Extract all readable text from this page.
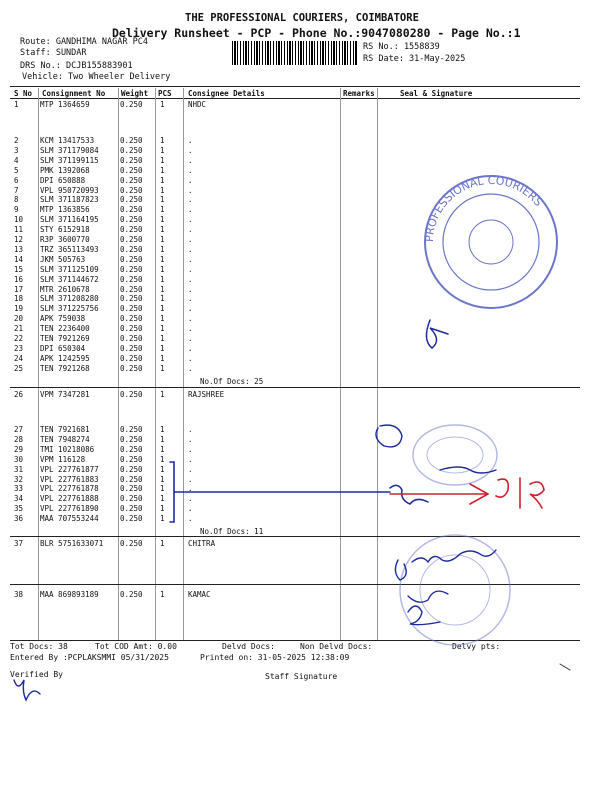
THE PROFESSIONAL COURIERS, COIMBATORE
Delivery Runsheet - PCP - Phone No.:9047080280 - Page No.:1
Route: GANDHIMA NAGAR PC4
Staff: SUNDAR
DRS No.: DCJB155883901
RS No.: 1558839
RS Date: 31-May-2025
Vehicle: Two Wheeler Delivery
S No Consignment No Weight PCS Consignee Details	Remarks	Seal & Signature
1	MTP 1364659	0.250 1	NHDC
2	KCM 13417533	0.250 1	.
3	SLM 371179084	0.250 1	.
4	SLM 371199115	0.250 1	.
5	PMK 1392068	0.250 1	.
6	DPI 650888	0.250 1	.
7	VPL 950720993	0.250 1	.
8	SLM 371187823	0.250 1	.
9	MTP 1363856	0.250 1	.
10 SLM 371164195	0.250 1	.
11 STY 6152918	0.250 1	.
12 R3P 3600770	0.250 1	.
13 TRZ 365113493	0.250 1	.
14 JKM 505763	0.250 1	.
15 SLM 371125109	0.250 1	.
16 SLM 371144672	0.250 1	.
17 MTR 2610678	0.250 1	.
18 SLM 371208280	0.250 1	.
19 SLM 371225756	0.250 1	.
20 APK 759038	0.250 1	.
21 TEN 2236400	0.250 1	.
22 TEN 7921269	0.250 1	.
23 DPI 650304	0.250 1	.
24 APK 1242595	0.250 1	.
25 TEN 7921268	0.250 1	.
No.Of Docs: 25
26 VPM 7347281	0.250 1	RAJSHREE
27 TEN 7921681	0.250 1	.
28 TEN 7948274	0.250 1	.
29 TMI 10218086	0.250 1	.
30 VPM 116128	0.250 1	.
31 VPL 227761877	0.250 1	.
32 VPL 227761883	0.250 1	.
33 VPL 227761878	0.250 1	.
34 VPL 227761888	0.250 1	.
35 VPL 227761890	0.250 1	.
36 MAA 707553244	0.250 1	.
No.Of Docs: 11
37 BLR 5751633071 0.250 1	CHITRA
38 MAA 869893189	0.250 1	KAMAC
Tot Docs: 38	Tot COD Amt: 0.00	Delvd Docs:	Non Delvd Docs:	Delvy pts:
Entered By :PCPLAKSMMI 05/31/2025	Printed on: 31-05-2025 12:38:09
Verified By	Staff Signature
PROFESSIONAL COURIERS
